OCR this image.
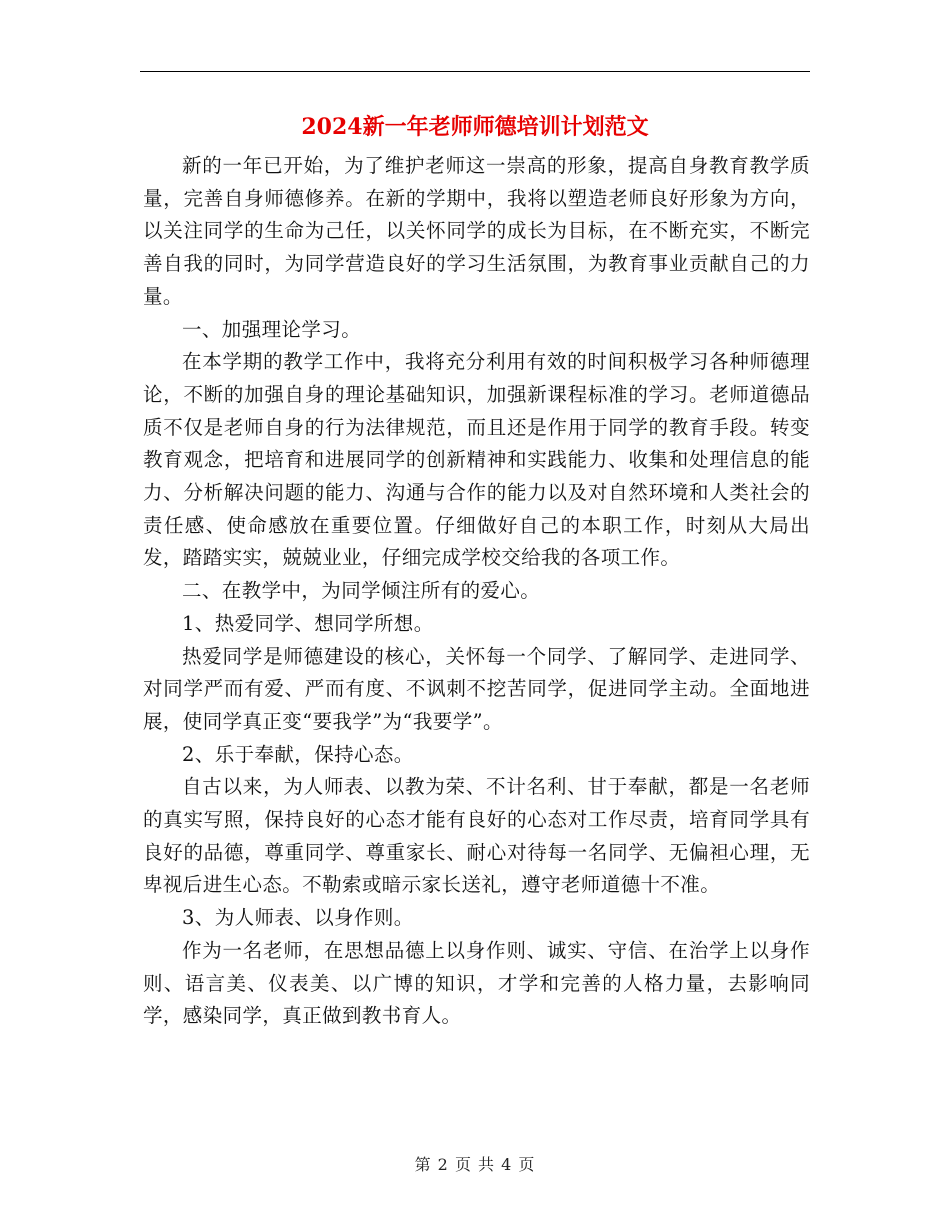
2024新一年老师师德培训计划范文

新的一年已开始，为了维护老师这一崇高的形象，提高自身教育教学质量，完善自身师德修养。在新的学期中，我将以塑造老师良好形象为方向，以关注同学的生命为己任，以关怀同学的成长为目标，在不断充实，不断完善自我的同时，为同学营造良好的学习生活氛围，为教育事业贡献自己的力量。

一、加强理论学习。

在本学期的教学工作中，我将充分利用有效的时间积极学习各种师德理论，不断的加强自身的理论基础知识，加强新课程标准的学习。老师道德品质不仅是老师自身的行为法律规范，而且还是作用于同学的教育手段。转变教育观念，把培育和进展同学的创新精神和实践能力、收集和处理信息的能力、分析解决问题的能力、沟通与合作的能力以及对自然环境和人类社会的责任感、使命感放在重要位置。仔细做好自己的本职工作，时刻从大局出发，踏踏实实，兢兢业业，仔细完成学校交给我的各项工作。

二、在教学中，为同学倾注所有的爱心。

1、热爱同学、想同学所想。

热爱同学是师德建设的核心，关怀每一个同学、了解同学、走进同学、对同学严而有爱、严而有度、不讽刺不挖苦同学，促进同学主动。全面地进展，使同学真正变“要我学”为“我要学”。

2、乐于奉献，保持心态。

自古以来，为人师表、以教为荣、不计名利、甘于奉献，都是一名老师的真实写照，保持良好的心态才能有良好的心态对工作尽责，培育同学具有良好的品德，尊重同学、尊重家长、耐心对待每一名同学、无偏袒心理，无卑视后进生心态。不勒索或暗示家长送礼，遵守老师道德十不准。

3、为人师表、以身作则。

作为一名老师，在思想品德上以身作则、诚实、守信、在治学上以身作则、语言美、仪表美、以广博的知识，才学和完善的人格力量，去影响同学，感染同学，真正做到教书育人。

第 2 页 共 4 页
